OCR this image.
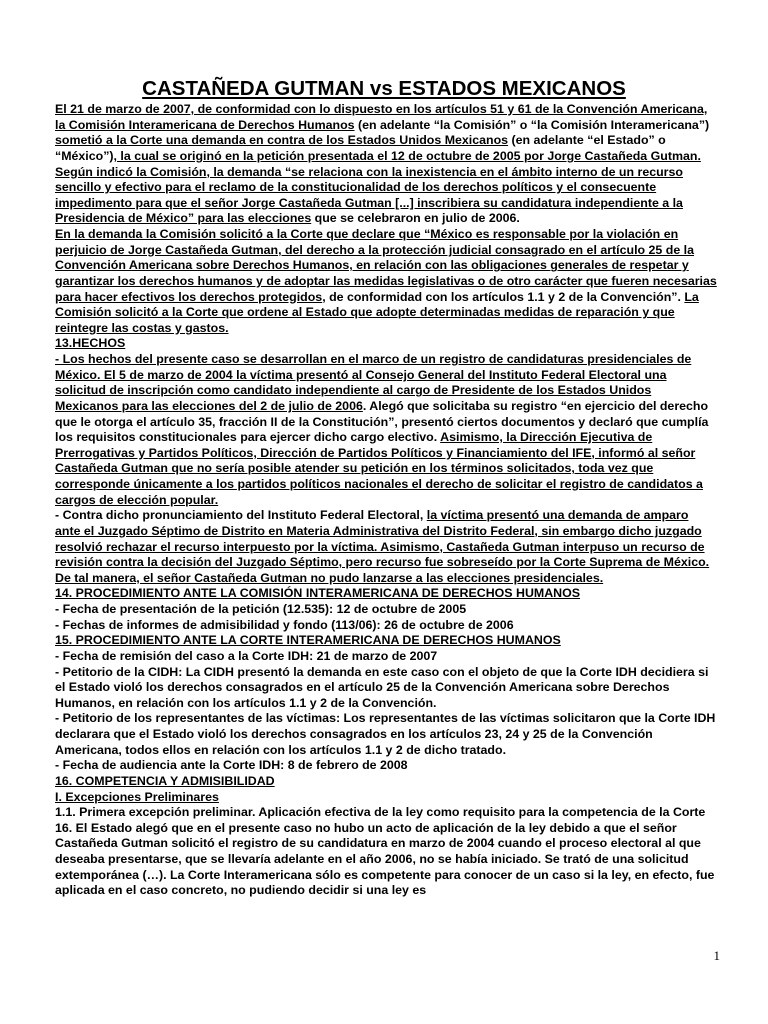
CASTAÑEDA GUTMAN vs ESTADOS MEXICANOS

El 21 de marzo de 2007, de conformidad con lo dispuesto en los artículos 51 y 61 de la Convención Americana, la Comisión Interamericana de Derechos Humanos (en adelante “la Comisión” o “la Comisión Interamericana”) sometió a la Corte una demanda en contra de los Estados Unidos Mexicanos (en adelante “el Estado” o “México”), la cual se originó en la petición presentada el 12 de octubre de 2005 por Jorge Castañeda Gutman.

Según indicó la Comisión, la demanda “se relaciona con la inexistencia en el ámbito interno de un recurso sencillo y efectivo para el reclamo de la constitucionalidad de los derechos políticos y el consecuente impedimento para que el señor Jorge Castañeda Gutman [...] inscribiera su candidatura independiente a la Presidencia de México” para las elecciones que se celebraron en julio de 2006.

En la demanda la Comisión solicitó a la Corte que declare que “México es responsable por la violación en perjuicio de Jorge Castañeda Gutman, del derecho a la protección judicial consagrado en el artículo 25 de la Convención Americana sobre Derechos Humanos, en relación con las obligaciones generales de respetar y garantizar los derechos humanos y de adoptar las medidas legislativas o de otro carácter que fueren necesarias para hacer efectivos los derechos protegidos, de conformidad con los artículos 1.1 y 2 de la Convención”. La Comisión solicitó a la Corte que ordene al Estado que adopte determinadas medidas de reparación y que reintegre las costas y gastos.

13.HECHOS

- Los hechos del presente caso se desarrollan en el marco de un registro de candidaturas presidenciales de México. El 5 de marzo de 2004 la víctima presentó al Consejo General del Instituto Federal Electoral una solicitud de inscripción como candidato independiente al cargo de Presidente de los Estados Unidos Mexicanos para las elecciones del 2 de julio de 2006. Alegó que solicitaba su registro “en ejercicio del derecho que le otorga el artículo 35, fracción II de la Constitución”, presentó ciertos documentos y declaró que cumplía los requisitos constitucionales para ejercer dicho cargo electivo. Asimismo, la Dirección Ejecutiva de Prerrogativas y Partidos Políticos, Dirección de Partidos Políticos y Financiamiento del IFE, informó al señor Castañeda Gutman que no sería posible atender su petición en los términos solicitados, toda vez que corresponde únicamente a los partidos políticos nacionales el derecho de solicitar el registro de candidatos a cargos de elección popular.

- Contra dicho pronunciamiento del Instituto Federal Electoral, la víctima presentó una demanda de amparo ante el Juzgado Séptimo de Distrito en Materia Administrativa del Distrito Federal, sin embargo dicho juzgado resolvió rechazar el recurso interpuesto por la víctima. Asimismo, Castañeda Gutman interpuso un recurso de revisión contra la decisión del Juzgado Séptimo, pero recurso fue sobreseído por la Corte Suprema de México. De tal manera, el señor Castañeda Gutman no pudo lanzarse a las elecciones presidenciales.

14. PROCEDIMIENTO ANTE LA COMISIÓN INTERAMERICANA DE DERECHOS HUMANOS

- Fecha de presentación de la petición (12.535): 12 de octubre de 2005

- Fechas de informes de admisibilidad y fondo (113/06): 26 de octubre de 2006

15. PROCEDIMIENTO ANTE LA CORTE INTERAMERICANA DE DERECHOS HUMANOS

- Fecha de remisión del caso a la Corte IDH: 21 de marzo de 2007

- Petitorio de la CIDH: La CIDH presentó la demanda en este caso con el objeto de que la Corte IDH decidiera si el Estado violó los derechos consagrados en el artículo 25 de la Convención Americana sobre Derechos Humanos, en relación con los artículos 1.1 y 2 de la Convención.

- Petitorio de los representantes de las víctimas: Los representantes de las víctimas solicitaron que la Corte IDH declarara que el Estado violó los derechos consagrados en los artículos 23, 24 y 25 de la Convención Americana, todos ellos en relación con los artículos 1.1 y 2 de dicho tratado.

- Fecha de audiencia ante la Corte IDH: 8 de febrero de 2008

16. COMPETENCIA Y ADMISIBILIDAD

I. Excepciones Preliminares

1.1. Primera excepción preliminar. Aplicación efectiva de la ley como requisito para la competencia de la Corte

16. El Estado alegó que en el presente caso no hubo un acto de aplicación de la ley debido a que el señor Castañeda Gutman solicitó el registro de su candidatura en marzo de 2004 cuando el proceso electoral al que deseaba presentarse, que se llevaría adelante en el año 2006, no se había iniciado. Se trató de una solicitud extemporánea (…). La Corte Interamericana sólo es competente para conocer de un caso si la ley, en efecto, fue aplicada en el caso concreto, no pudiendo decidir si una ley es

1
